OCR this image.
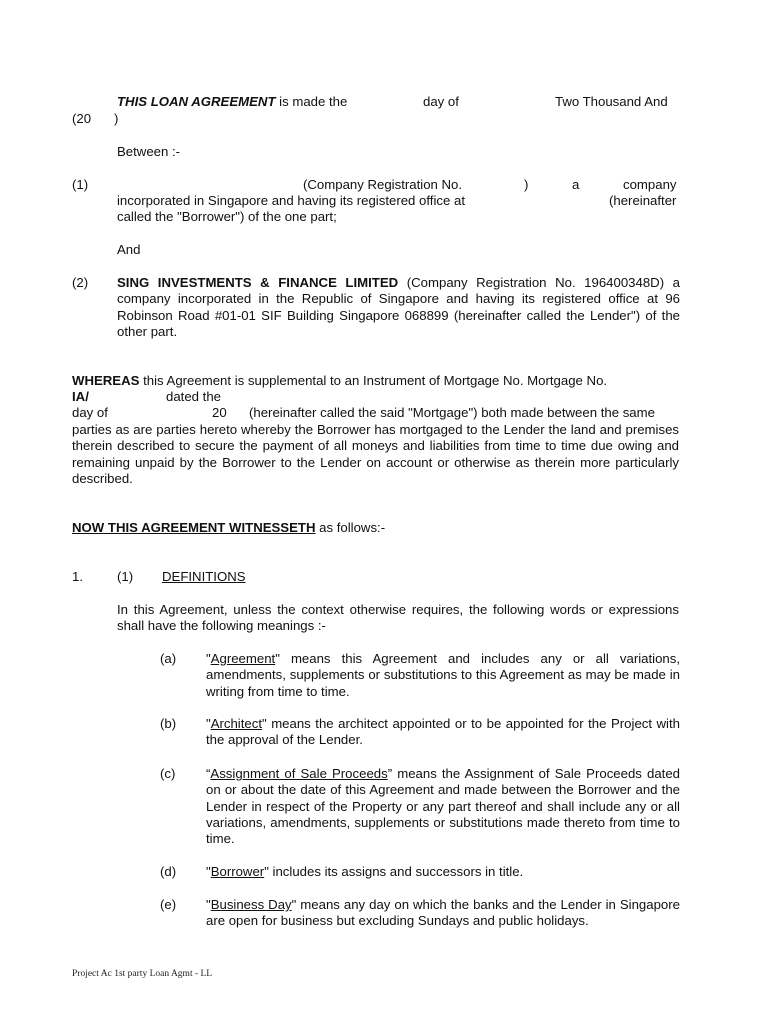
THIS LOAN AGREEMENT is made the	day of	Two Thousand And
(20 )
Between :-
(1)	(Company Registration No.	)	a	company
incorporated in Singapore and having its registered office at	(hereinafter
called the "Borrower") of the one part;
And
(2) SING INVESTMENTS & FINANCE LIMITED (Company Registration No. 196400348D) a company incorporated in the Republic of Singapore and having its registered office at 96 Robinson Road #01-01 SIF Building Singapore 068899 (hereinafter called the Lender") of the other part.
WHEREAS this Agreement is supplemental to an Instrument of Mortgage No. Mortgage No.
IA/	dated the
day of	20 (hereinafter called the said "Mortgage") both made between the same
parties as are parties hereto whereby the Borrower has mortgaged to the Lender the land and premises therein described to secure the payment of all moneys and liabilities from time to time due owing and remaining unpaid by the Borrower to the Lender on account or otherwise as therein more particularly described.
NOW THIS AGREEMENT WITNESSETH as follows:-
1.	(1) DEFINITIONS
In this Agreement, unless the context otherwise requires, the following words or expressions shall have the following meanings :-
(a) "Agreement" means this Agreement and includes any or all variations, amendments, supplements or substitutions to this Agreement as may be made in writing from time to time.
(b) "Architect" means the architect appointed or to be appointed for the Project with the approval of the Lender.
(c) “Assignment of Sale Proceeds” means the Assignment of Sale Proceeds dated on or about the date of this Agreement and made between the Borrower and the Lender in respect of the Property or any part thereof and shall include any or all variations, amendments, supplements or substitutions made thereto from time to time.
(d) "Borrower" includes its assigns and successors in title.
(e) "Business Day" means any day on which the banks and the Lender in Singapore are open for business but excluding Sundays and public holidays.
Project Ac 1st party Loan Agmt - LL
